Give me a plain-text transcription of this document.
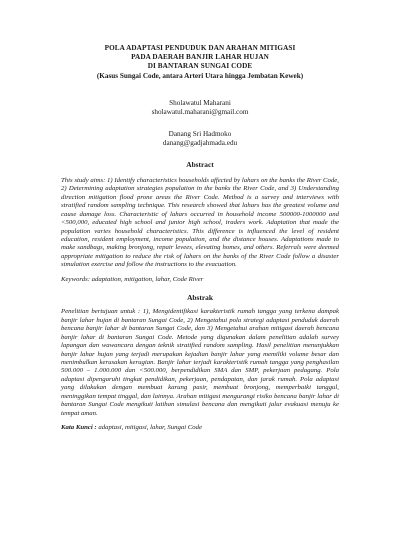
POLA ADAPTASI PENDUDUK DAN ARAHAN MITIGASI
PADA DAERAH BANJIR LAHAR HUJAN
DI BANTARAN SUNGAI CODE
(Kasus Sungai Code, antara Arteri Utara hingga Jembatan Kewek)
Sholawatul Maharani
sholawatul.maharani@gmail.com
Danang Sri Hadmoko
danang@gadjahmada.edu
Abstract
This study aims: 1) Identify characteristics households affected by lahars on the banks the River Code, 2) Determining adaptation strategies population in the banks the River Code, and 3) Understanding direction mitigation flood prone areas the River Code. Method is a survey and interviews with stratified random sampling technique. This research showed that lahars has the greatest volume and cause damage loss. Characteristic of lahars occurred in household income 500000-1000000 and <500,000, educated high school and junior high school, traders work. Adaptation that made the population varies household characteristics. This difference is influenced the level of resident education, resident employment, income population, and the distance houses. Adaptations made to make sandbags, making bronjong, repair levees, elevating homes, and others. Referrals were deemed appropriate mitigation to reduce the risk of lahars on the banks of the River Code follow a disaster simulation exercise and follow the instructions to the evacuation.
Keywords: adaptation, mitigation, lahar, Code River
Abstrak
Penelitian bertujuan untuk : 1), Mengidentifikasi karakteristik rumah tangga yang terkena dampak banjir lahar hujan di bantaran Sungai Code, 2) Mengetahui pola strategi adaptasi penduduk daerah bencana banjir lahar di bantaran Sungai Code, dan 3) Mengetahui arahan mitigasi daerah bencana banjir lahar di bantaran Sungai Code. Metode yang digunakan dalam penelitian adalah survey lapangan dan wawancara dengan teknik stratified random sampling. Hasil penelitian menunjukkan banjir lahar hujan yang terjadi merupakan kejadian banjir lahar yang memiliki volume besar dan menimbulkan kerusakan kerugian. Banjir lahar terjadi karakteristik rumah tangga yang penghasilan 500.000 – 1.000.000 dan <500.000, berpendidikan SMA dan SMP, pekerjaan pedagang. Pola adaptasi dipengaruhi tingkat pendidikan, pekerjaan, pendapatan, dan jarak rumah. Pola adaptasi yang dilakukan dengan membuat karung pasir, membuat bronjong, memperbaiki tanggul, meninggikan tempat tinggal, dan lainnya. Arahan mitigasi mengurangi risiko bencana banjir lahar di bantaran Sungai Code mengikuti latihan simulasi bencana dan mengikuti jalur evakuasi menuju ke tempat aman.
Kata Kunci : adaptasi, mitigasi, lahar, Sungai Code
